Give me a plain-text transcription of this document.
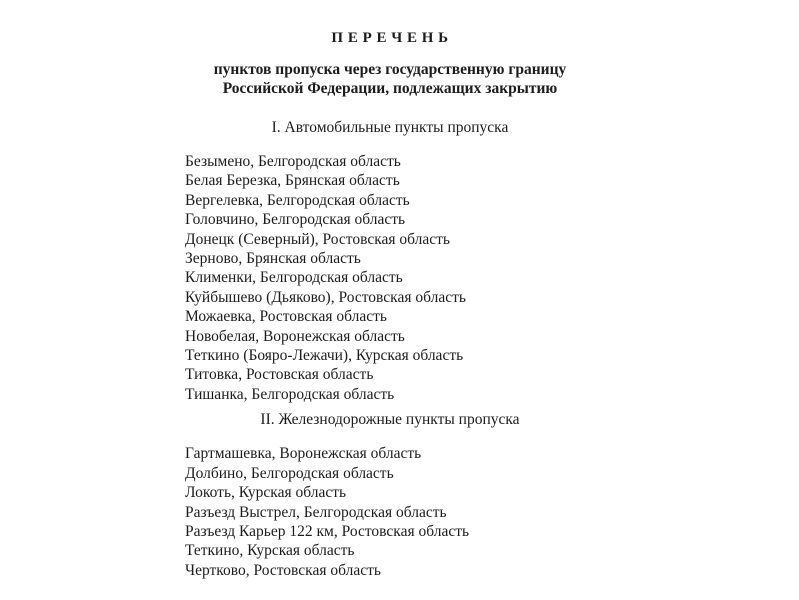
П Е Р Е Ч Е Н Ь

пунктов пропуска через государственную границу
Российской Федерации, подлежащих закрытию

I. Автомобильные пункты пропуска
Безымено, Белгородская область
Белая Березка, Брянская область
Вергелевка, Белгородская область
Головчино, Белгородская область
Донецк (Северный), Ростовская область
Зерново, Брянская область
Клименки, Белгородская область
Куйбышево (Дьяково), Ростовская область
Можаевка, Ростовская область
Новобелая, Воронежская область
Теткино (Бояро-Лежачи), Курская область
Титовка, Ростовская область
Тишанка, Белгородская область
II. Железнодорожные пункты пропуска
Гартмашевка, Воронежская область
Долбино, Белгородская область
Локоть, Курская область
Разъезд Выстрел, Белгородская область
Разъезд Карьер 122 км, Ростовская область
Теткино, Курская область
Чертково, Ростовская область
